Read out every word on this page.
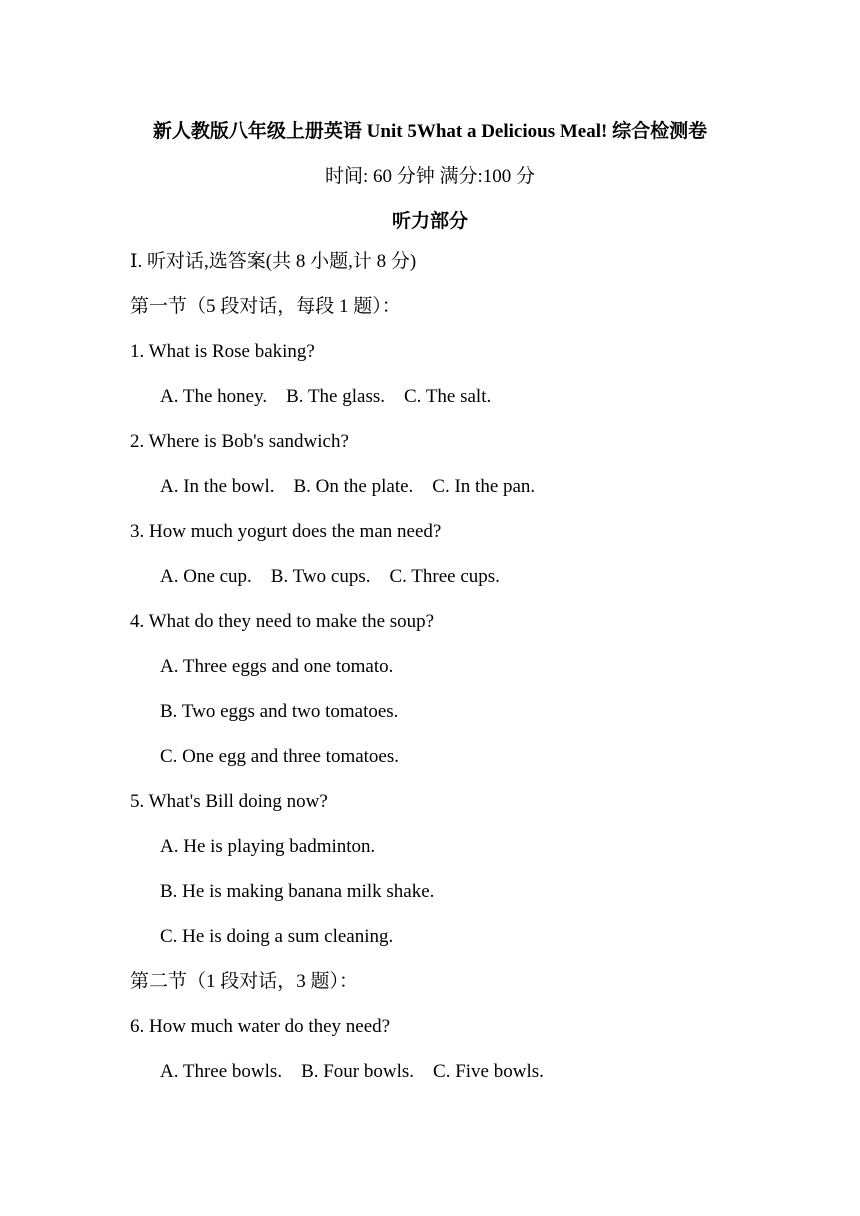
新人教版八年级上册英语 Unit 5What a Delicious Meal! 综合检测卷
时间: 60 分钟 满分:100 分
听力部分
Ⅰ. 听对话,选答案(共 8 小题,计 8 分)
第一节（5 段对话，每段 1 题）：
1. What is Rose baking?
A. The honey.    B. The glass.    C. The salt.
2. Where is Bob's sandwich?
A. In the bowl.    B. On the plate.    C. In the pan.
3. How much yogurt does the man need?
A. One cup.    B. Two cups.    C. Three cups.
4. What do they need to make the soup?
A. Three eggs and one tomato.
B. Two eggs and two tomatoes.
C. One egg and three tomatoes.
5. What's Bill doing now?
A. He is playing badminton.
B. He is making banana milk shake.
C. He is doing a sum cleaning.
第二节（1 段对话，3 题）：
6. How much water do they need?
A. Three bowls.    B. Four bowls.    C. Five bowls.
